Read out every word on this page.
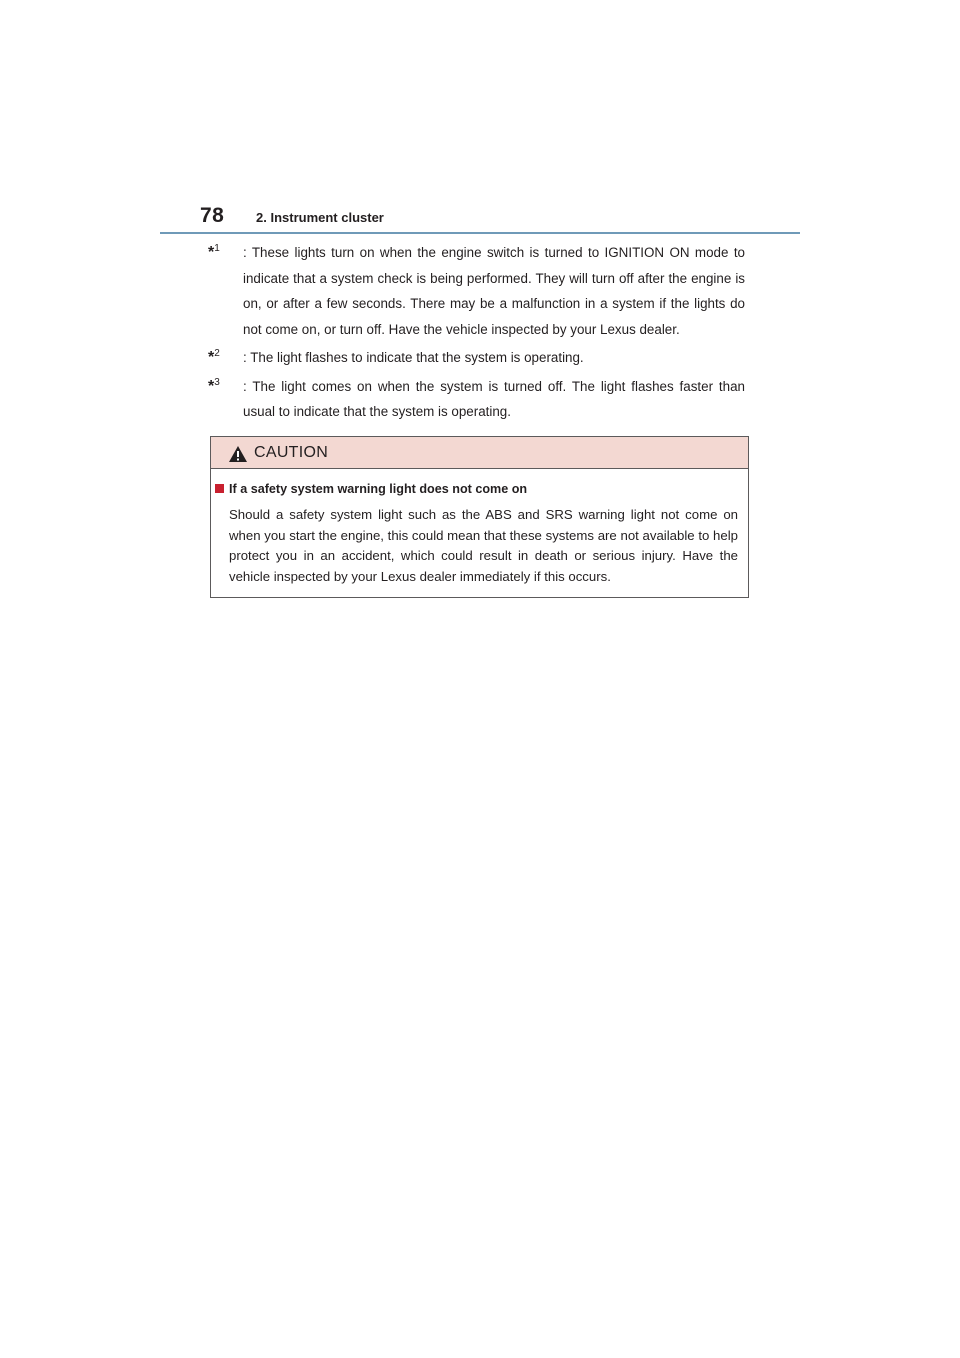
78 2. Instrument cluster
*$^1$	: These lights turn on when the engine switch is turned to IGNITION ON mode to indicate that a system check is being performed. They will turn off after the engine is on, or after a few seconds. There may be a malfunction in a system if the lights do not come on, or turn off. Have the vehicle inspected by your Lexus dealer.
*$^2$	: The light flashes to indicate that the system is operating.
*$^3$	: The light comes on when the system is turned off. The light flashes faster than usual to indicate that the system is operating.
CAUTION
If a safety system warning light does not come on
Should a safety system light such as the ABS and SRS warning light not come on when you start the engine, this could mean that these systems are not available to help protect you in an accident, which could result in death or serious injury. Have the vehicle inspected by your Lexus dealer immediately if this occurs.
